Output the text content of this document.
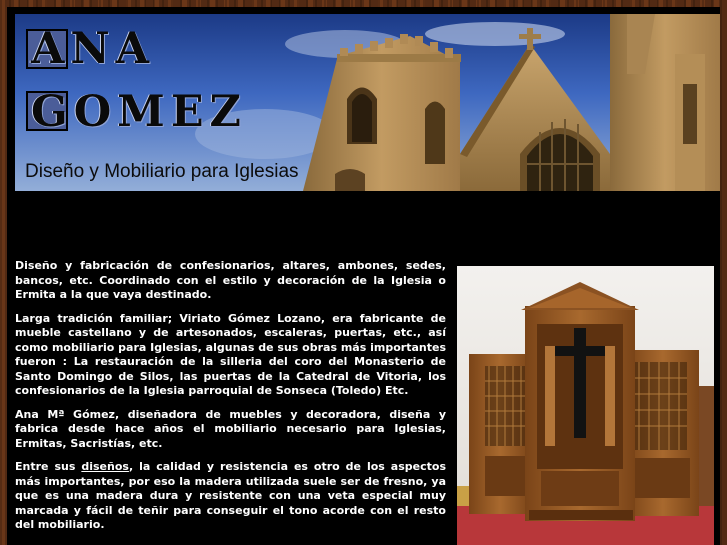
ANA
GOMEZ
Diseño y Mobiliario para Iglesias

Diseño y fabricación de confesionarios, altares, ambones, sedes, bancos, etc. Coordinado con el estilo y decoración de la Iglesia o Ermita a la que vaya destinado.

Larga tradición familiar; Viriato Gómez Lozano, era fabricante de mueble castellano y de artesonados, escaleras, puertas, etc., así como mobiliario para Iglesias, algunas de sus obras más importantes fueron : La restauración de la silleria del coro del Monasterio de Santo Domingo de Silos, las puertas de la Catedral de Vitoria, los confesionarios de la Iglesia parroquial de Sonseca (Toledo) Etc.

Ana Mª Gómez, diseñadora de muebles y decoradora, diseña y fabrica desde hace años el mobiliario necesario para Iglesias, Ermitas, Sacristías, etc.

Entre sus diseños, la calidad y resistencia es otro de los aspectos más importantes, por eso la madera utilizada suele ser de fresno, ya que es una madera dura y resistente con una veta especial muy marcada y fácil de teñir para conseguir el tono acorde con el resto del mobiliario.
